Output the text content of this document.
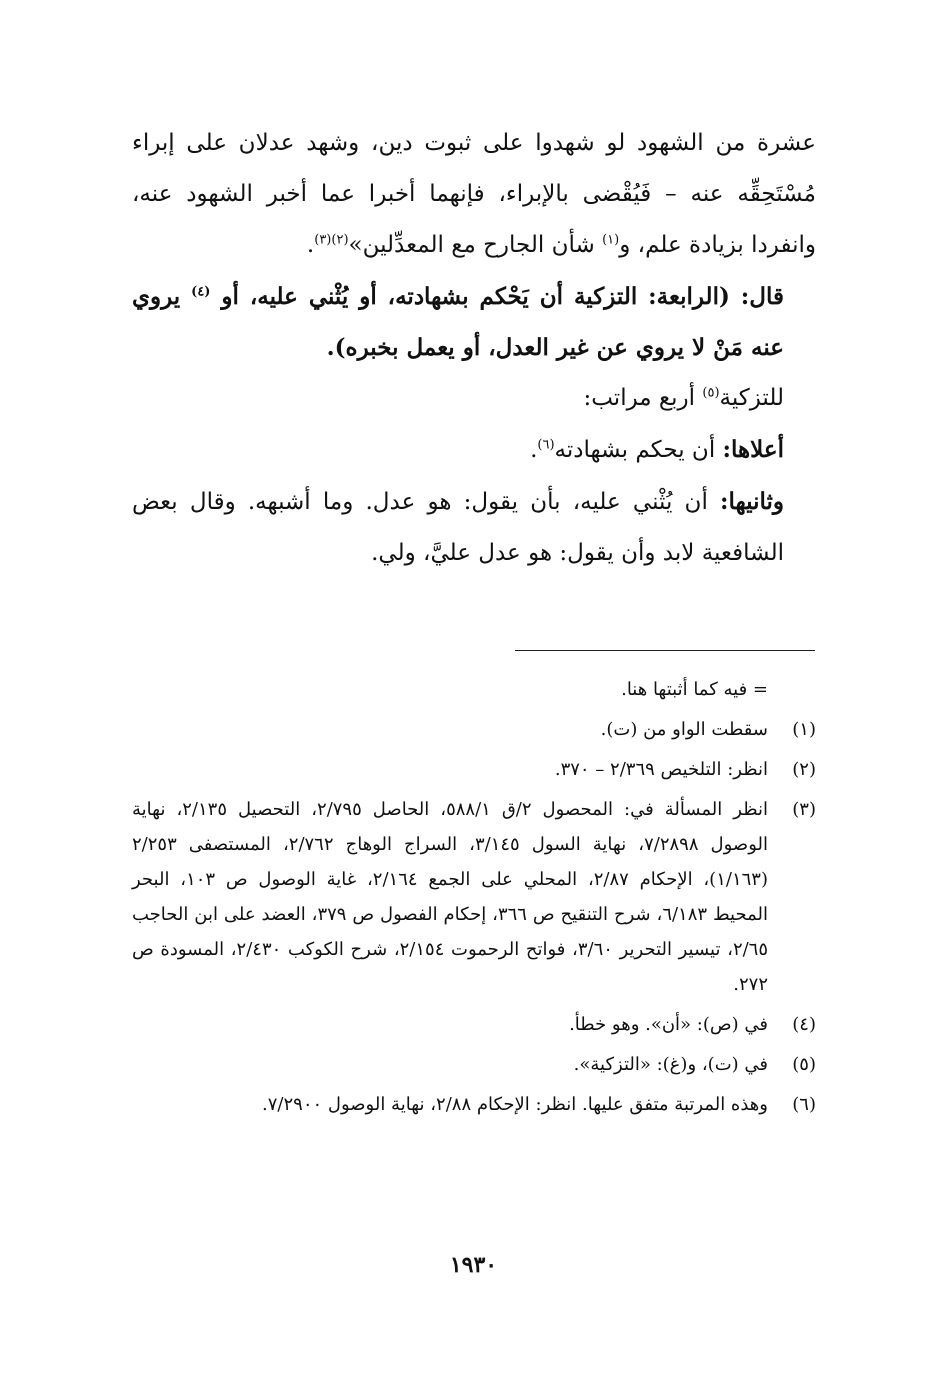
عشرة من الشهود لو شهدوا على ثبوت دين، وشهد عدلان على إبراء مُسْتَحِقِّه عنه – فَيُقْضى بالإبراء، فإنهما أخبرا عما أخبر الشهود عنه، وانفردا بزيادة علم، و$^{(١)}$ شأن الجارح مع المعدِّلين»$^{(٢)(٣)}$.

قال: (الرابعة: التزكية أن يَحْكم بشهادته، أو يُثْني عليه، أو $^{(٤)}$ يروي عنه مَنْ لا يروي عن غير العدل، أو يعمل بخبره).

للتزكية$^{(٥)}$ أربع مراتب:

أعلاها: أن يحكم بشهادته$^{(٦)}$.

وثانيها: أن يُثْني عليه، بأن يقول: هو عدل. وما أشبهه. وقال بعض الشافعية لابد وأن يقول: هو عدل عليَّ، ولي.

= فيه كما أثبتها هنا.
(١)
سقطت الواو من (ت).
(٢)
انظر: التلخيص ٢/٣٦٩ – ٣٧٠.
(٣)
انظر المسألة في: المحصول ٢/ق ٥٨٨/١، الحاصل ٢/٧٩٥، التحصيل ٢/١٣٥، نهاية الوصول ٧/٢٨٩٨، نهاية السول ٣/١٤٥، السراج الوهاج ٢/٧٦٢، المستصفى ٢/٢٥٣ (١/١٦٣)، الإحكام ٢/٨٧، المحلي على الجمع ٢/١٦٤، غاية الوصول ص ١٠٣، البحر المحيط ٦/١٨٣، شرح التنقيح ص ٣٦٦، إحكام الفصول ص ٣٧٩، العضد على ابن الحاجب ٢/٦٥، تيسير التحرير ٣/٦٠، فواتح الرحموت ٢/١٥٤، شرح الكوكب ٢/٤٣٠، المسودة ص ٢٧٢.
(٤)
في (ص): «أن». وهو خطأ.
(٥)
في (ت)، و(غ): «التزكية».
(٦)
وهذه المرتبة متفق عليها. انظر: الإحكام ٢/٨٨، نهاية الوصول ٧/٢٩٠٠.
١٩٣٠
